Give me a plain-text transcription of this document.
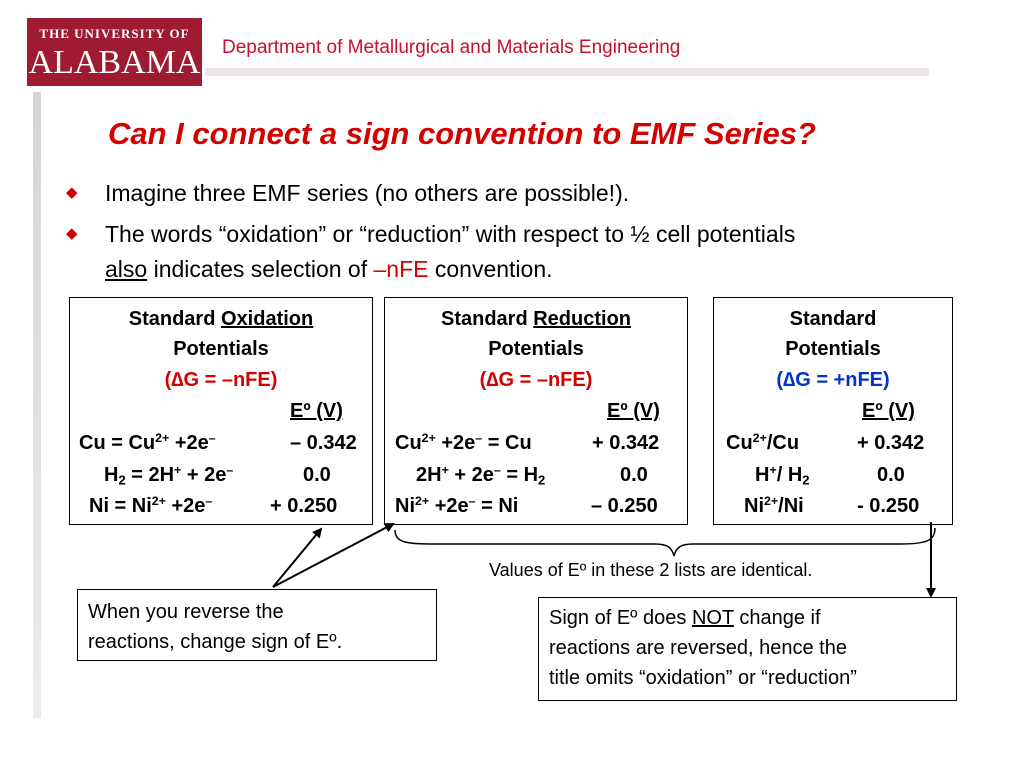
THE UNIVERSITY OF
ALABAMA Department of Metallurgical and Materials Engineering
Can I connect a sign convention to EMF Series?
◆ Imagine three EMF series (no others are possible!).
◆ The words “oxidation” or “reduction” with respect to ½ cell potentials
also indicates selection of –nFE convention.
Standard Oxidation
Potentials
(∆G = –nFE)
Eº (V)
$Cu = Cu^{2+} +2e^-$	– 0.342
$H_2 = 2H^+ + 2e^-$	0.0
$Ni = Ni^{2+} +2e^-$	+ 0.250
Standard Reduction
Potentials
(∆G = –nFE)
Eº (V)
$Cu^{2+} +2e^- = Cu$	+ 0.342
$2H^+ + 2e^- = H_2$	0.0
$Ni^{2+} +2e^- = Ni$	– 0.250
Standard
Potentials
(∆G = +nFE)
Eº (V)
$Cu^{2+}/Cu$	+ 0.342
H+/ $H_2$	0.0
$Ni^{2+}/Ni$	- 0.250
Values of Eº in these 2 lists are identical.
When you reverse the
reactions, change sign of Eº.
Sign of Eº does NOT change if
reactions are reversed, hence the
title omits “oxidation” or “reduction”
